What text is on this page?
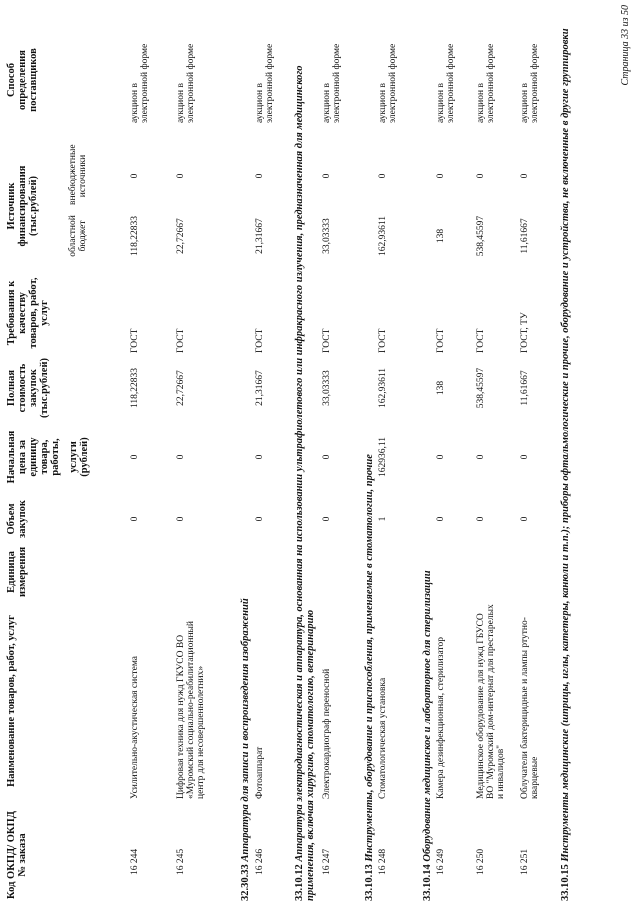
Код ОКПД/ ОКПД № заказа
Наименование товаров, работ, услуг
Единица измерения
Объем закупок
Начальная цена за единицу товара, работы, услуги (рублей)
Полная стоимость закупок (тыс.рублей)
Требования к качеству товаров, работ, услуг
Источник финансирования (тыс.рублей)	областной бюджет
внебюджетные источники
Способ определения поставщиков
16 244
Усилительно-акустическая система
0
0
118,22833
ГОСТ
118,22833
0
аукцион в электронной форме
16 245
Цифровая техника для нужд ГКУСО ВО «Муромский социально-реабилитационный центр для несовершеннолетних»
0
0
22,72667
ГОСТ
22,72667
0
аукцион в электронной форме
32.30.33 Аппаратура для записи и воспроизведения изображений
16 246
Фотоаппарат
0
0
21,31667
ГОСТ
21,31667
0
аукцион в электронной форме
33.10.12 Аппаратура электродиагностическая и аппаратура, основанная на использовании ультрафиолетового или инфракрасного излучения, предназначенная для медицинского применения, включая хирургию, стоматологию, ветеринарию 16 247
Электрокардиограф переносной
0
0
33,03333
ГОСТ
33,03333
0
аукцион в электронной форме
33.10.13 Инструменты, оборудование и приспособления, применяемые в стоматологии, прочие
16 248
Стоматологическая установка
1
162936,11
162,93611
ГОСТ
162,93611
0
аукцион в электронной форме
33.10.14 Оборудование медицинское и лабораторное для стерилизации
16 249
Камера дезинфекционная, стерилизатор
0
0
138
ГОСТ
138
0
аукцион в электронной форме
16 250
Медицинское оборудование для нужд ГБУСО ВО "Муромский дом-интернат для престарелых и инвалидов"
0
0
538,45597
ГОСТ
538,45597
0
аукцион в электронной форме
16 251
Облучатели бактерицидные и лампы ртутно-кварцевые
0
0
11,61667
ГОСТ, ТУ
11,61667
0
аукцион в электронной форме
33.10.15 Инструменты медицинские (шприцы, иглы, катетеры, канюли и т.п.); приборы офтальмологические и прочие, оборудование и устройства, не включенные в другие группировки	Страница 33 из 50
